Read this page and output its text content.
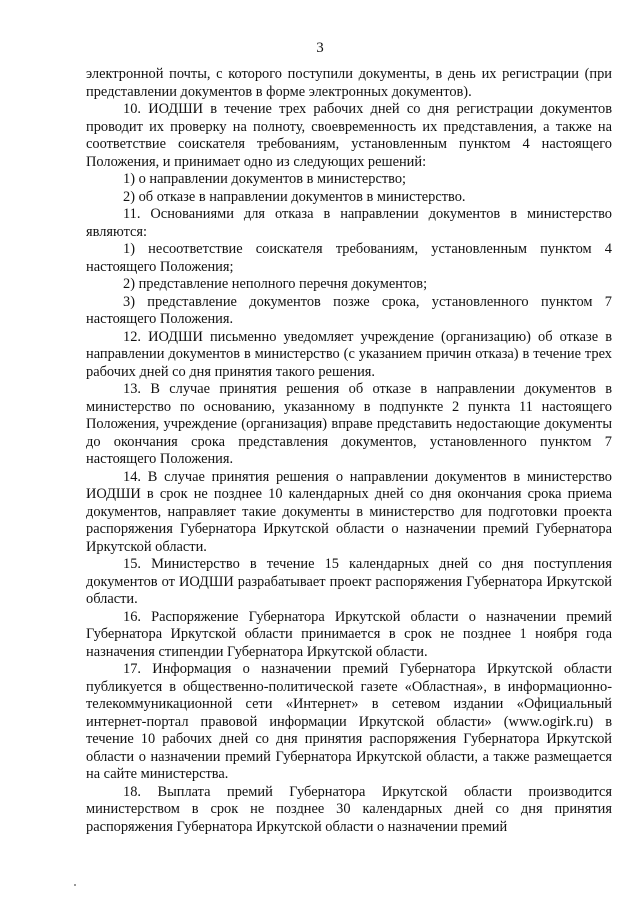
3

электронной почты, с которого поступили документы, в день их регистрации (при представлении документов в форме электронных документов).

10. ИОДШИ в течение трех рабочих дней со дня регистрации документов проводит их проверку на полноту, своевременность их представления, а также на соответствие соискателя требованиям, установленным пунктом 4 настоящего Положения, и принимает одно из следующих решений:

1) о направлении документов в министерство;

2) об отказе в направлении документов в министерство.

11. Основаниями для отказа в направлении документов в министерство являются:

1) несоответствие соискателя требованиям, установленным пунктом 4 настоящего Положения;

2) представление неполного перечня документов;

3) представление документов позже срока, установленного пунктом 7 настоящего Положения.

12. ИОДШИ письменно уведомляет учреждение (организацию) об отказе в направлении документов в министерство (с указанием причин отказа) в течение трех рабочих дней со дня принятия такого решения.

13. В случае принятия решения об отказе в направлении документов в министерство по основанию, указанному в подпункте 2 пункта 11 настоящего Положения, учреждение (организация) вправе представить недостающие документы до окончания срока представления документов, установленного пунктом 7 настоящего Положения.

14. В случае принятия решения о направлении документов в министерство ИОДШИ в срок не позднее 10 календарных дней со дня окончания срока приема документов, направляет такие документы в министерство для подготовки проекта распоряжения Губернатора Иркутской области о назначении премий Губернатора Иркутской области.

15. Министерство в течение 15 календарных дней со дня поступления документов от ИОДШИ разрабатывает проект распоряжения Губернатора Иркутской области.

16. Распоряжение Губернатора Иркутской области о назначении премий Губернатора Иркутской области принимается в срок не позднее 1 ноября года назначения стипендии Губернатора Иркутской области.

17. Информация о назначении премий Губернатора Иркутской области публикуется в общественно-политической газете «Областная», в информационно-телекоммуникационной сети «Интернет» в сетевом издании «Официальный интернет-портал правовой информации Иркутской области» (www.ogirk.ru) в течение 10 рабочих дней со дня принятия распоряжения Губернатора Иркутской области о назначении премий Губернатора Иркутской области, а также размещается на сайте министерства.

18. Выплата премий Губернатора Иркутской области производится министерством в срок не позднее 30 календарных дней со дня принятия распоряжения Губернатора Иркутской области о назначении премий
